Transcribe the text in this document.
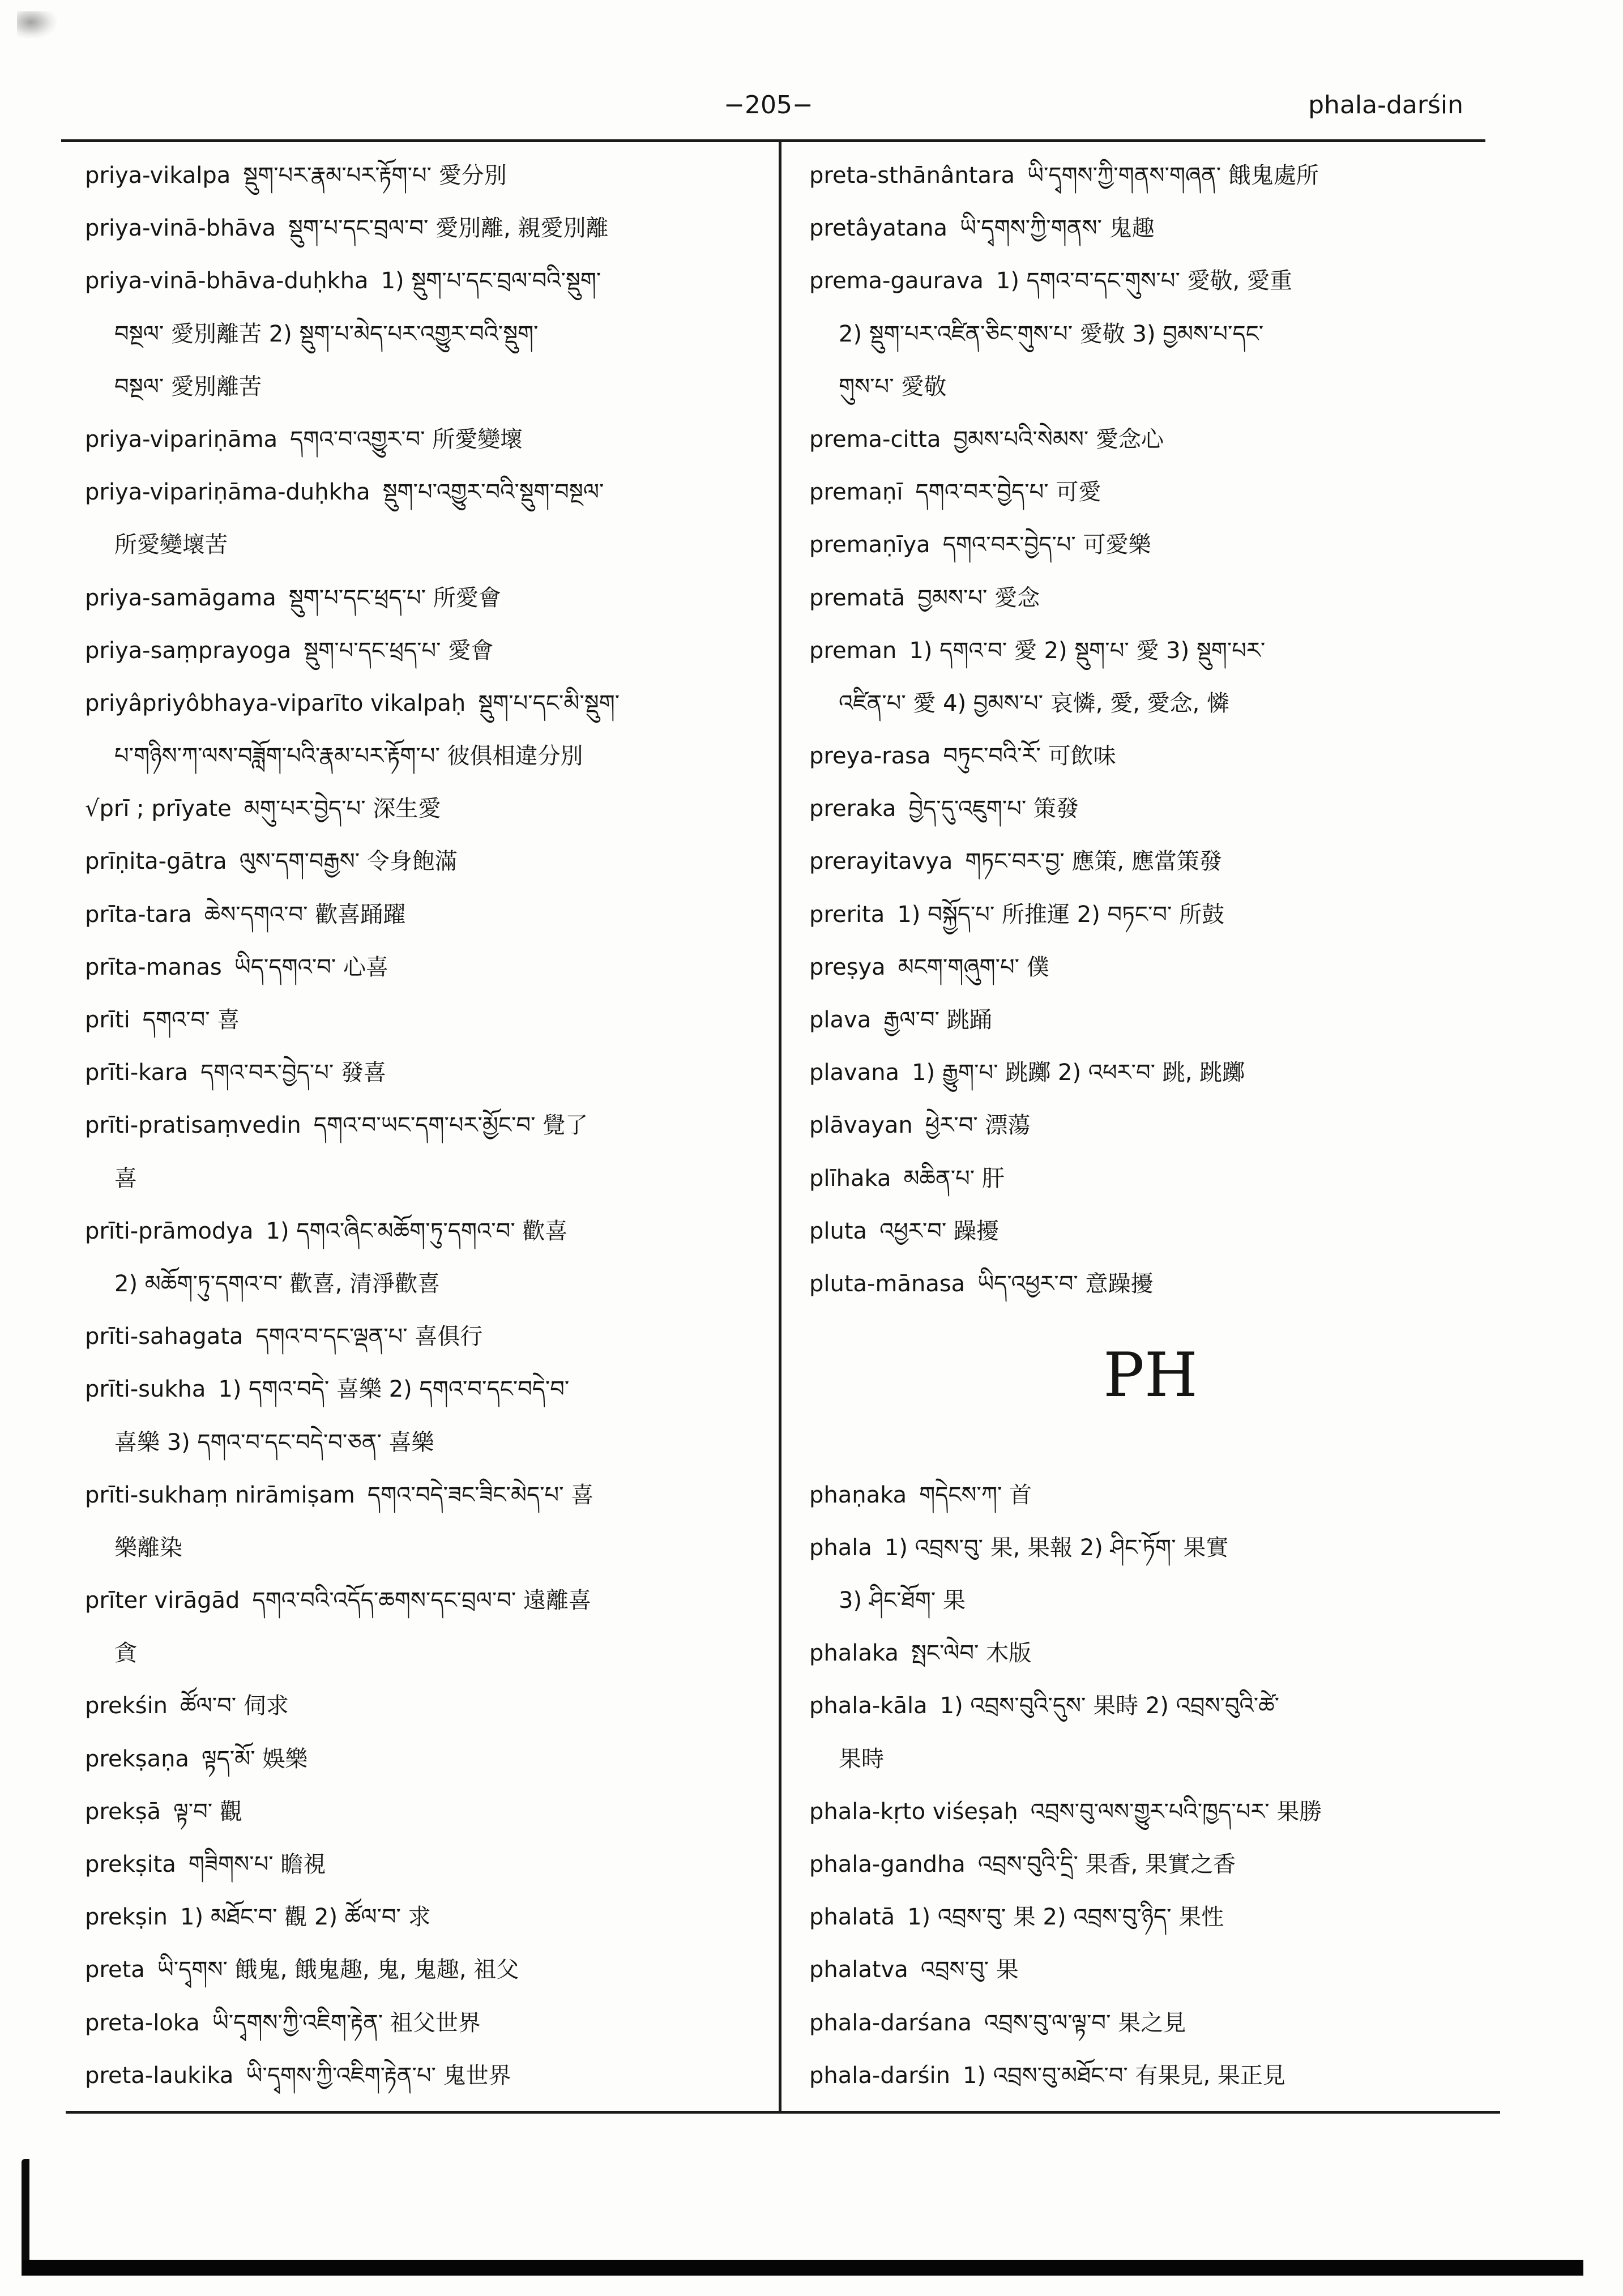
−205−	phala-darśin
priya-vikalpa སྡུག་པར་རྣམ་པར་རྟོག་པ་ 愛分別
priya-vinā-bhāva སྡུག་པ་དང་བྲལ་བ་ 愛別離, 親愛別離
priya-vinā-bhāva-duḥkha 1) སྡུག་པ་དང་བྲལ་བའི་སྡུག་
བསྔལ་ 愛別離苦 2) སྡུག་པ་མེད་པར་འགྱུར་བའི་སྡུག་
བསྔལ་ 愛別離苦
priya-vipariṇāma དགའ་བ་འགྱུར་བ་ 所愛變壞
priya-vipariṇāma-duḥkha སྡུག་པ་འགྱུར་བའི་སྡུག་བསྔལ་
所愛變壞苦
priya-samāgama སྡུག་པ་དང་ཕྲད་པ་ 所愛會
priya-saṃprayoga སྡུག་པ་དང་ཕྲད་པ་ 愛會
priyâpriyôbhaya-viparīto vikalpaḥ སྡུག་པ་དང་མི་སྡུག་
པ་གཉིས་ཀ་ལས་བཟློག་པའི་རྣམ་པར་རྟོག་པ་ 彼俱相違分別
√prī ; prīyate མགུ་པར་བྱེད་པ་ 深生愛
prīṇita-gātra ལུས་དག་བརྒྱས་ 令身飽滿
prīta-tara ཆེས་དགའ་བ་ 歡喜踊躍
prīta-manas ཡིད་དགའ་བ་ 心喜
prīti དགའ་བ་ 喜
prīti-kara དགའ་བར་བྱེད་པ་ 發喜
prīti-pratisaṃvedin དགའ་བ་ཡང་དག་པར་མྱོང་བ་ 覺了
喜
prīti-prāmodya 1) དགའ་ཞིང་མཆོག་ཏུ་དགའ་བ་ 歡喜
2) མཆོག་ཏུ་དགའ་བ་ 歡喜, 清淨歡喜
prīti-sahagata དགའ་བ་དང་ལྡན་པ་ 喜俱行
prīti-sukha 1) དགའ་བདེ་ 喜樂 2) དགའ་བ་དང་བདེ་བ་
喜樂 3) དགའ་བ་དང་བདེ་བ་ཅན་ 喜樂
prīti-sukhaṃ nirāmiṣam དགའ་བདེ་ཟང་ཟིང་མེད་པ་ 喜
樂離染
prīter virāgād དགའ་བའི་འདོད་ཆགས་དང་བྲལ་བ་ 遠離喜
貪
prekśin ཚོལ་བ་ 伺求
prekṣaṇa ལྟད་མོ་ 娛樂
prekṣā ལྟ་བ་ 觀
prekṣita གཟིགས་པ་ 瞻視
prekṣin 1) མཐོང་བ་ 觀 2) ཚོལ་བ་ 求
preta ཡི་དྭགས་ 餓鬼, 餓鬼趣, 鬼, 鬼趣, 祖父
preta-loka ཡི་དྭགས་ཀྱི་འཇིག་རྟེན་ 祖父世界
preta-laukika ཡི་དྭགས་ཀྱི་འཇིག་རྟེན་པ་ 鬼世界
preta-sthānântara ཡི་དྭགས་ཀྱི་གནས་གཞན་ 餓鬼處所
pretâyatana ཡི་དྭགས་ཀྱི་གནས་ 鬼趣
prema-gaurava 1) དགའ་བ་དང་གུས་པ་ 愛敬, 愛重
2) སྡུག་པར་འཛིན་ཅིང་གུས་པ་ 愛敬 3) བྱམས་པ་དང་
གུས་པ་ 愛敬
prema-citta བྱམས་པའི་སེམས་ 愛念心
premaṇī དགའ་བར་བྱེད་པ་ 可愛
premaṇīya དགའ་བར་བྱེད་པ་ 可愛樂
prematā བྱམས་པ་ 愛念
preman 1) དགའ་བ་ 愛 2) སྡུག་པ་ 愛 3) སྡུག་པར་
འཛིན་པ་ 愛 4) བྱམས་པ་ 哀憐, 愛, 愛念, 憐
preya-rasa བཏུང་བའི་རོ་ 可飲味
preraka བྱེད་དུ་འཇུག་པ་ 策發
prerayitavya གཏང་བར་བྱ་ 應策, 應當策發
prerita 1) བསྐྱོད་པ་ 所推運 2) བཏང་བ་ 所鼓
preṣya མངག་གཞུག་པ་ 僕
plava རྒྱལ་བ་ 跳踊
plavana 1) རྒྱུག་པ་ 跳躑 2) འཕར་བ་ 跳, 跳躑
plāvayan ཕྱེར་བ་ 漂蕩
plīhaka མཆིན་པ་ 肝
pluta འཕྱར་བ་ 躁擾
pluta-mānasa ཡིད་འཕྱར་བ་ 意躁擾
PH
phaṇaka གདེངས་ཀ་ 首
phala 1) འབྲས་བུ་ 果, 果報 2) ཤིང་ཏོག་ 果實
3) ཤིང་ཐོག་ 果
phalaka སྤང་ལེབ་ 木版
phala-kāla 1) འབྲས་བུའི་དུས་ 果時 2) འབྲས་བུའི་ཚེ་
果時
phala-kṛto viśeṣaḥ འབྲས་བུ་ལས་གྱུར་པའི་ཁྱད་པར་ 果勝
phala-gandha འབྲས་བུའི་དྲི་ 果香, 果實之香
phalatā 1) འབྲས་བུ་ 果 2) འབྲས་བུ་ཉིད་ 果性
phalatva འབྲས་བུ་ 果
phala-darśana འབྲས་བུ་ལ་ལྟ་བ་ 果之見
phala-darśin 1) འབྲས་བུ་མཐོང་བ་ 有果見, 果正見
